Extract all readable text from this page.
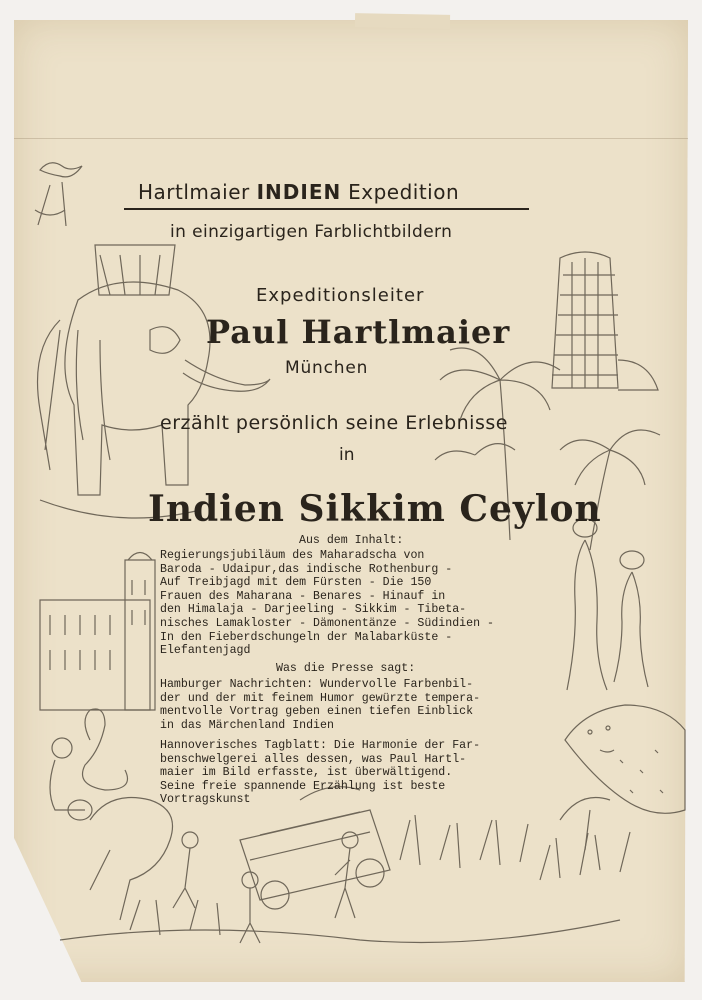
Hartlmaier INDIEN Expedition
in einzigartigen Farblichtbildern
Expeditionsleiter
Paul Hartlmaier
München
erzählt persönlich seine Erlebnisse
in
Indien Sikkim Ceylon
Aus dem Inhalt:
Regierungsjubiläum des Maharadscha von
Baroda - Udaipur,das indische Rothenburg -
Auf Treibjagd mit dem Fürsten - Die 150
Frauen des Maharana - Benares - Hinauf in
den Himalaja - Darjeeling - Sikkim - Tibeta-
nisches Lamakloster - Dämonentänze - Südindien -
In den Fieberdschungeln der Malabarküste -
Elefantenjagd
Was die Presse sagt:
Hamburger Nachrichten: Wundervolle Farbenbil-
der und der mit feinem Humor gewürzte tempera-
mentvolle Vortrag geben einen tiefen Einblick
in das Märchenland Indien
Hannoverisches Tagblatt: Die Harmonie der Far-
benschwelgerei alles dessen, was Paul Hartl-
maier im Bild erfasste, ist überwältigend.
Seine freie spannende Erzählung ist beste
Vortragskunst
